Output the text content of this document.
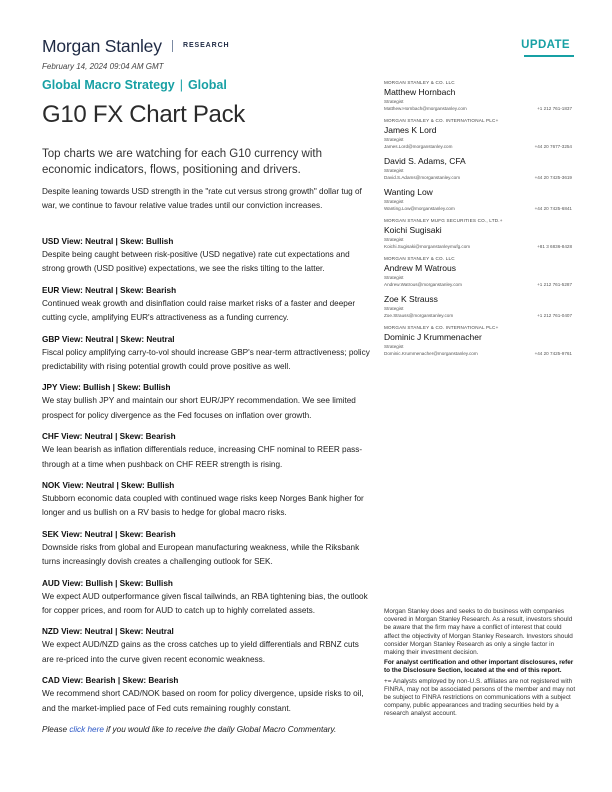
Morgan Stanley	RESEARCH	UPDATE
February 14, 2024 09:04 AM GMT
Global Macro Strategy | Global
G10 FX Chart Pack
Top charts we are watching for each G10 currency with economic indicators, flows, positioning and drivers.
Despite leaning towards USD strength in the "rate cut versus strong growth" dollar tug of war, we continue to favour relative value trades until our conviction increases.
USD View: Neutral | Skew: Bullish
Despite being caught between risk-positive (USD negative) rate cut expectations and strong growth (USD positive) expectations, we see the risks tilting to the latter.
EUR View: Neutral | Skew: Bearish
Continued weak growth and disinflation could raise market risks of a faster and deeper cutting cycle, amplifying EUR's attractiveness as a funding currency.
GBP View: Neutral | Skew: Neutral
Fiscal policy amplifying carry-to-vol should increase GBP's near-term attractiveness; policy predictability with rising potential growth could prove positive as well.
JPY View: Bullish | Skew: Bullish
We stay bullish JPY and maintain our short EUR/JPY recommendation. We see limited prospect for policy divergence as the Fed focuses on inflation over growth.
CHF View: Neutral | Skew: Bearish
We lean bearish as inflation differentials reduce, increasing CHF nominal to REER pass-through at a time when pushback on CHF REER strength is rising.
NOK View: Neutral | Skew: Bullish
Stubborn economic data coupled with continued wage risks keep Norges Bank higher for longer and us bullish on a RV basis to hedge for global macro risks.
SEK View: Neutral | Skew: Bearish
Downside risks from global and European manufacturing weakness, while the Riksbank turns increasingly dovish creates a challenging outlook for SEK.
AUD View: Bullish | Skew: Bullish
We expect AUD outperformance given fiscal tailwinds, an RBA tightening bias, the outlook for copper prices, and room for AUD to catch up to highly correlated assets.
NZD View: Neutral | Skew: Neutral
We expect AUD/NZD gains as the cross catches up to yield differentials and RBNZ cuts are re-priced into the curve given recent economic weakness.
CAD View: Bearish | Skew: Bearish
We recommend short CAD/NOK based on room for policy divergence, upside risks to oil, and the market-implied pace of Fed cuts remaining roughly constant.
Please click here if you would like to receive the daily Global Macro Commentary.
MORGAN STANLEY & CO. LLC
Matthew Hornbach
Strategist
Matthew.Hornbach@morganstanley.com	+1 212 761-1837
MORGAN STANLEY & CO. INTERNATIONAL PLC+
James K Lord
Strategist
James.Lord@morganstanley.com	+44 20 7677-3254
David S. Adams, CFA
Strategist
David.S.Adams@morganstanley.com	+44 20 7425-3619
Wanting Low
Strategist
Wanting.Low@morganstanley.com	+44 20 7425-6841
MORGAN STANLEY MUFG SECURITIES CO., LTD.+
Koichi Sugisaki
Strategist
Koichi.Sugisaki@morganstanleymufg.com	+81 3 6836-8428
MORGAN STANLEY & CO. LLC
Andrew M Watrous
Strategist
Andrew.Watrous@morganstanley.com	+1 212 761-5287
Zoe K Strauss
Strategist
Zoe.Strauss@morganstanley.com	+1 212 761-0407
MORGAN STANLEY & CO. INTERNATIONAL PLC+
Dominic J Krummenacher
Strategist
Dominic.Krummenacher@morganstanley.com	+44 20 7425-9761

Morgan Stanley does and seeks to do business with companies covered in Morgan Stanley Research. As a result, investors should be aware that the firm may have a conflict of interest that could affect the objectivity of Morgan Stanley Research. Investors should consider Morgan Stanley Research as only a single factor in making their investment decision.

For analyst certification and other important disclosures, refer to the Disclosure Section, located at the end of this report.

+= Analysts employed by non-U.S. affiliates are not registered with FINRA, may not be associated persons of the member and may not be subject to FINRA restrictions on communications with a subject company, public appearances and trading securities held by a research analyst account.
